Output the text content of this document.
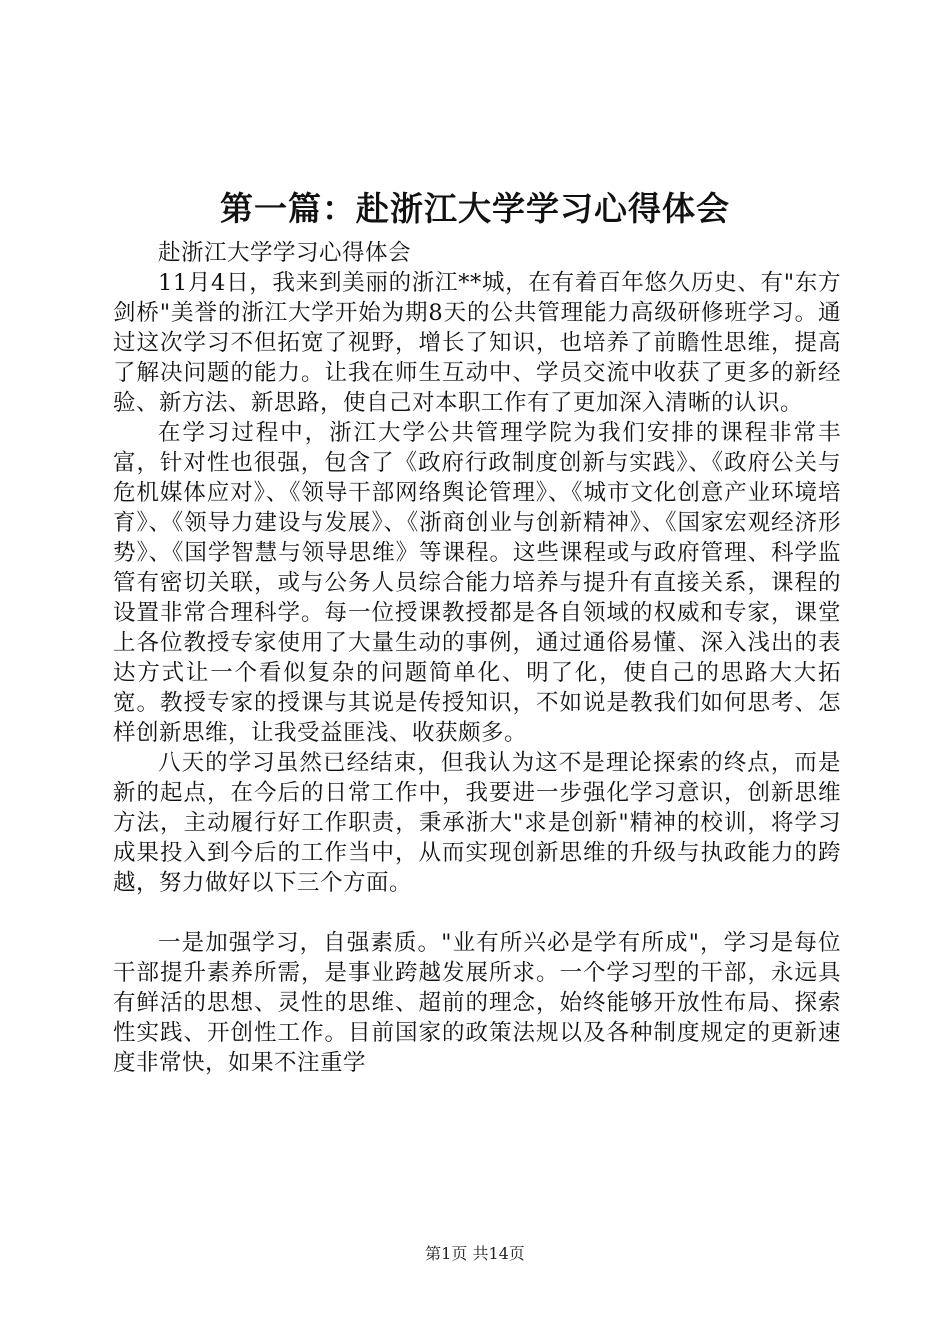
第一篇：赴浙江大学学习心得体会

赴浙江大学学习心得体会

11月4日，我来到美丽的浙江**城，在有着百年悠久历史、有"东方剑桥"美誉的浙江大学开始为期8天的公共管理能力高级研修班学习。通过这次学习不但拓宽了视野，增长了知识，也培养了前瞻性思维，提高了解决问题的能力。让我在师生互动中、学员交流中收获了更多的新经验、新方法、新思路，使自己对本职工作有了更加深入清晰的认识。

在学习过程中，浙江大学公共管理学院为我们安排的课程非常丰富，针对性也很强，包含了《政府行政制度创新与实践》、《政府公关与危机媒体应对》、《领导干部网络舆论管理》、《城市文化创意产业环境培育》、《领导力建设与发展》、《浙商创业与创新精神》、《国家宏观经济形势》、《国学智慧与领导思维》等课程。这些课程或与政府管理、科学监管有密切关联，或与公务人员综合能力培养与提升有直接关系，课程的设置非常合理科学。每一位授课教授都是各自领域的权威和专家，课堂上各位教授专家使用了大量生动的事例，通过通俗易懂、深入浅出的表达方式让一个看似复杂的问题简单化、明了化，使自己的思路大大拓宽。教授专家的授课与其说是传授知识，不如说是教我们如何思考、怎样创新思维，让我受益匪浅、收获颇多。

八天的学习虽然已经结束，但我认为这不是理论探索的终点，而是新的起点，在今后的日常工作中，我要进一步强化学习意识，创新思维方法，主动履行好工作职责，秉承浙大"求是创新"精神的校训，将学习成果投入到今后的工作当中，从而实现创新思维的升级与执政能力的跨越，努力做好以下三个方面。

一是加强学习，自强素质。"业有所兴必是学有所成"，学习是每位干部提升素养所需，是事业跨越发展所求。一个学习型的干部，永远具有鲜活的思想、灵性的思维、超前的理念，始终能够开放性布局、探索性实践、开创性工作。目前国家的政策法规以及各种制度规定的更新速度非常快，如果不注重学

第1页 共14页
